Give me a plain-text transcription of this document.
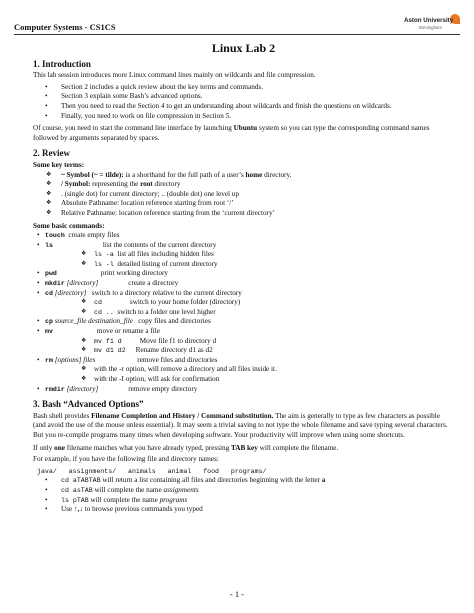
Computer Systems - CS1CS
Aston University
Birmingham
Linux Lab 2
1. Introduction
This lab session introduces more Linux command lines mainly on wildcards and file compression.
• Section 2 includes a quick review about the key terms and commands.
• Section 3 explain some Bash’s advanced options.
• Then you need to read the Section 4 to get an understanding about wildcards and finish the questions on wildcards.
• Finally, you need to work on file compression in Section 5.
Of course, you need to start the command line interface by launching Ubuntu system so you can type the corresponding command names followed by arguments separated by spaces.
2. Review
Some key terms:
❖ ~ Symbol (~ = tilde): is a shorthand for the full path of a user’s home directory.
❖ / Symbol: representing the root directory
❖ . (single dot) for current directory; .. (double dot) one level up
❖ Absolute Pathname: location reference starting from root ‘/’
❖ Relative Pathname: location reference starting from the ‘current directory’
Some basic commands:
• touch create empty files
• ls	list the contents of the current directory
❖ ls -a list all files including hidden files
❖ ls -l detailed listing of current directory
• pwd	print working directory
• mkdir [directory]	create a directory
• cd [directory] switch to a directory relative to the current directory
❖ cd	switch to your home folder (directory)
❖ cd .. switch to a folder one level higher
• cp source_file destination_file copy files and directories
• mv	move or rename a file
❖ mv f1 d	Move file f1 to directory d
❖ mv d1 d2 Rename directory d1 as d2
• rm [options] files	remove files and directories
❖ with the -r option, will remove a directory and all files inside it.
❖ with the -I option, will ask for confirmation
• rmdir [directory]	remove empty directory
3. Bash “Advanced Options”
Bash shell provides Filename Completion and History / Command substitution. The aim is generally to type as few characters as possible (and avoid the use of the mouse unless essential). It may seem a trivial saving to not type the whole filename and save typing several characters. But you re-compile programs many times when developing software. Your productivity will improve when using some shortcuts.
If only one filename matches what you have already typed, pressing TAB key will complete the filename.
For example, if you have the following file and directory names:
java/   assignments/   animals   animal   food   programs/
• cd aTABTAB will return a list containing all files and directories beginning with the letter a
• cd asTAB will complete the name assignments
• ls pTAB will complete the name programs
• Use ↑,↓ to browse previous commands you typed
- 1 -
